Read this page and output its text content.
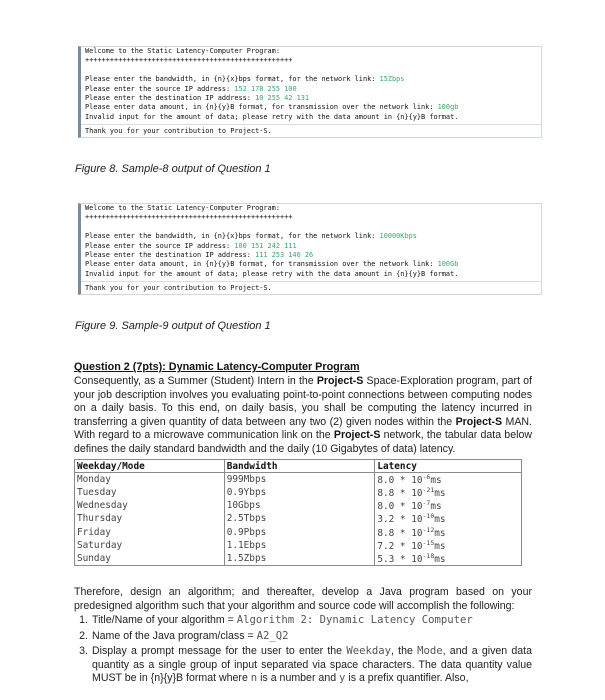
Welcome to the Static Latency-Computer Program:
++++++++++++++++++++++++++++++++++++++++++++++++++
Please enter the bandwidth, in {n}{x}bps format, for the network link: 15Zbps
Please enter the source IP address: 152 178 255 100
Please enter the destination IP address: 10 255 42 131
Please enter data amount, in {n}{y}B format, for transmission over the network link: 100gb
Invalid input for the amount of data; please retry with the data amount in {n}{y}B format.
Thank you for your contribution to Project-S.
Figure 8. Sample-8 output of Question 1
Welcome to the Static Latency-Computer Program:
++++++++++++++++++++++++++++++++++++++++++++++++++
Please enter the bandwidth, in {n}{x}bps format, for the network link: 10000Kbps
Please enter the source IP address: 100 151 242 111
Please enter the destination IP address: 111 253 146 26
Please enter data amount, in {n}{y}B format, for transmission over the network link: 100Gb
Invalid input for the amount of data; please retry with the data amount in {n}{y}B format.
Thank you for your contribution to Project-S.
Figure 9. Sample-9 output of Question 1
Question 2 (7pts): Dynamic Latency-Computer Program
Consequently, as a Summer (Student) Intern in the Project-S Space-Exploration program, part of your job description involves you evaluating point-to-point connections between computing nodes on a daily basis. To this end, on daily basis, you shall be computing the latency incurred in transferring a given quantity of data between any two (2) given nodes within the Project-S MAN. With regard to a microwave communication link on the Project-S network, the tabular data below defines the daily standard bandwidth and the daily (10 Gigabytes of data) latency.
Weekday/Mode	Bandwidth	Latency
Monday	999Mbps	$8.0 * 10^{-6}ms$
Tuesday	0.9Ybps	$8.8 * 10^{-21}ms$
Wednesday	10Gbps	$8.0 * 10^{-7}ms$
Thursday	2.5Tbps	$3.2 * 10^{-10}ms$
Friday	0.9Pbps	$8.8 * 10^{-12}ms$
Saturday	1.1Ebps	$7.2 * 10^{-15}ms$
Sunday	1.5Zbps	$5.3 * 10^{-18}ms$
Therefore, design an algorithm; and thereafter, develop a Java program based on your predesigned algorithm such that your algorithm and source code will accomplish the following:
1. Title/Name of your algorithm = Algorithm 2: Dynamic Latency Computer
2. Name of the Java program/class = A2_Q2
3. Display a prompt message for the user to enter the Weekday, the Mode, and a given data quantity as a single group of input separated via space characters. The data quantity value MUST be in {n}{y}B format where n is a number and y is a prefix quantifier. Also,
